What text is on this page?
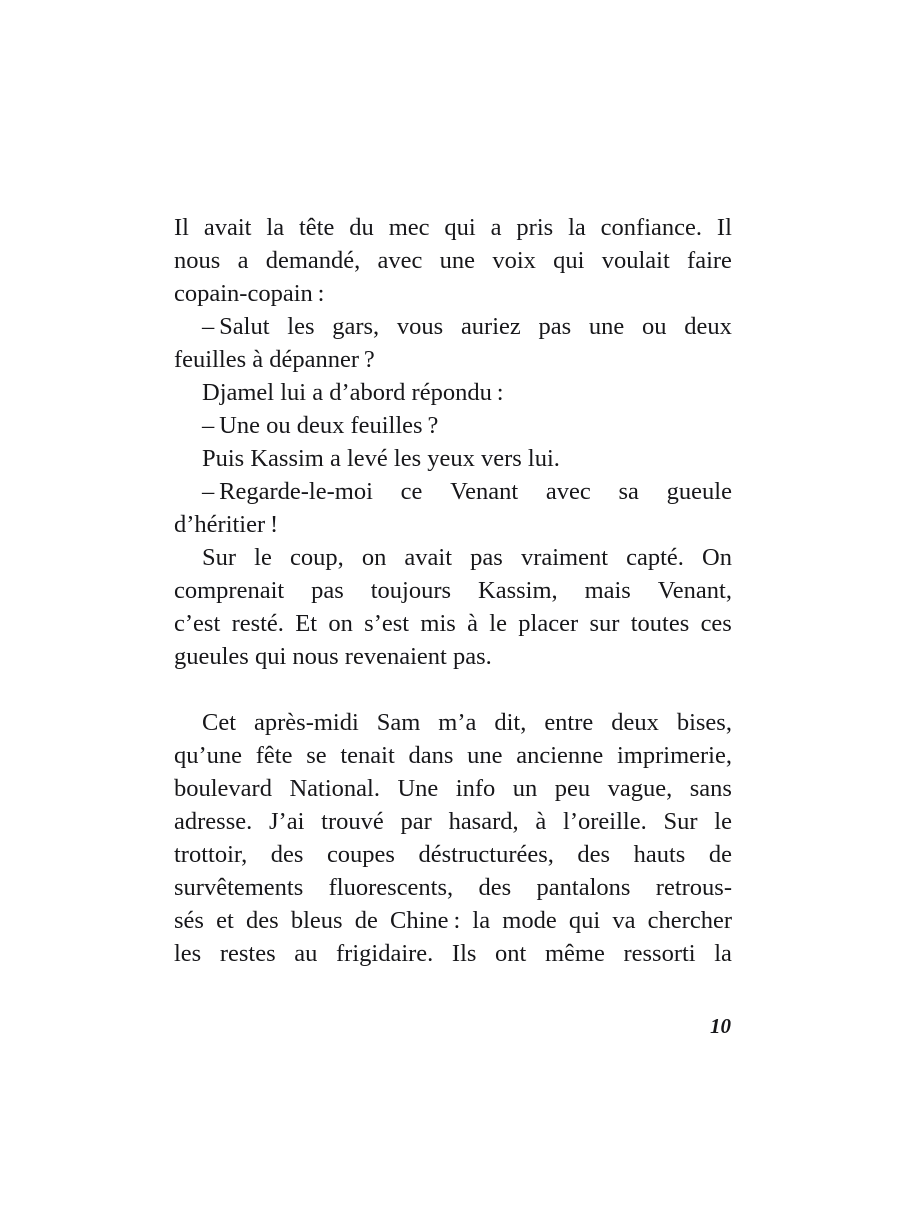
Il avait la tête du mec qui a pris la confiance. Il
nous a demandé, avec une voix qui voulait faire
copain-copain :

– Salut les gars, vous auriez pas une ou deux
feuilles à dépanner ?

Djamel lui a d’abord répondu :

– Une ou deux feuilles ?

Puis Kassim a levé les yeux vers lui.

– Regarde-le-moi ce Venant avec sa gueule
d’héritier !

Sur le coup, on avait pas vraiment capté. On
comprenait pas toujours Kassim, mais Venant,
c’est resté. Et on s’est mis à le placer sur toutes ces
gueules qui nous revenaient pas.

Cet après-midi Sam m’a dit, entre deux bises,
qu’une fête se tenait dans une ancienne imprimerie,
boulevard National. Une info un peu vague, sans
adresse. J’ai trouvé par hasard, à l’oreille. Sur le
trottoir, des coupes déstructurées, des hauts de
survêtements fluorescents, des pantalons retrous-
sés et des bleus de Chine : la mode qui va chercher
les restes au frigidaire. Ils ont même ressorti la

10
